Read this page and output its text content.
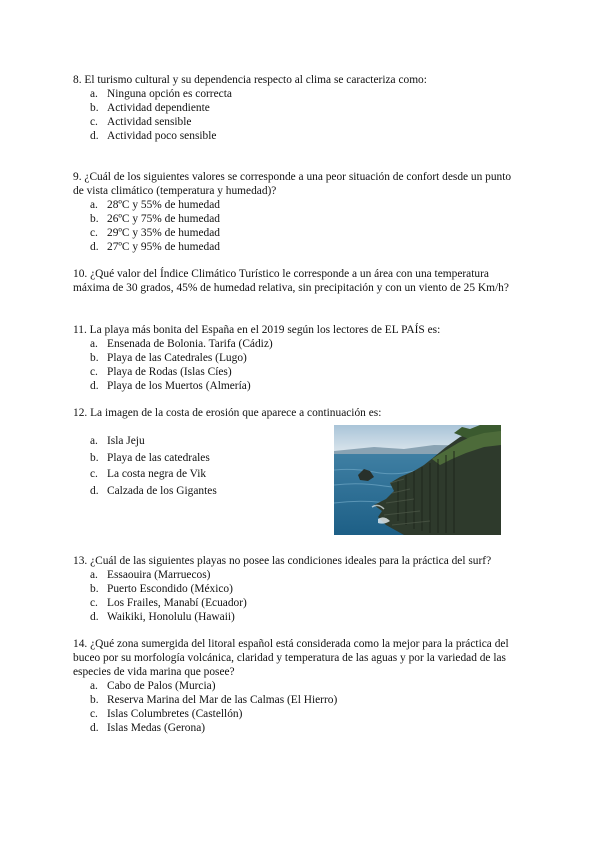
8. El turismo cultural y su dependencia respecto al clima se caracteriza como:

a. Ninguna opción es correcta
b. Actividad dependiente
c. Actividad sensible
d. Actividad poco sensible

9. ¿Cuál de los siguientes valores se corresponde a una peor situación de confort desde un punto de vista climático (temperatura y humedad)?

a. 28ºC y 55% de humedad
b. 26ºC y 75% de humedad
c. 29ºC y 35% de humedad
d. 27ºC y 95% de humedad

10. ¿Qué valor del Índice Climático Turístico le corresponde a un área con una temperatura máxima de 30 grados, 45% de humedad relativa, sin precipitación y con un viento de 25 Km/h?

11. La playa más bonita del España en el 2019 según los lectores de EL PAÍS es:

a. Ensenada de Bolonia. Tarifa (Cádiz)
b. Playa de las Catedrales (Lugo)
c. Playa de Rodas (Islas Cíes)
d. Playa de los Muertos (Almería)

12. La imagen de la costa de erosión que aparece a continuación es:

a. Isla Jeju
b. Playa de las catedrales
c. La costa negra de Vik
d. Calzada de los Gigantes

13. ¿Cuál de las siguientes playas no posee las condiciones ideales para la práctica del surf?

a. Essaouira (Marruecos)
b. Puerto Escondido (México)
c. Los Frailes, Manabí (Ecuador)
d. Waikiki, Honolulu (Hawaii)

14. ¿Qué zona sumergida del litoral español está considerada como la mejor para la práctica del buceo por su morfología volcánica, claridad y temperatura de las aguas y por la variedad de las especies de vida marina que posee?

a. Cabo de Palos (Murcia)
b. Reserva Marina del Mar de las Calmas (El Hierro)
c. Islas Columbretes (Castellón)
d. Islas Medas (Gerona)
